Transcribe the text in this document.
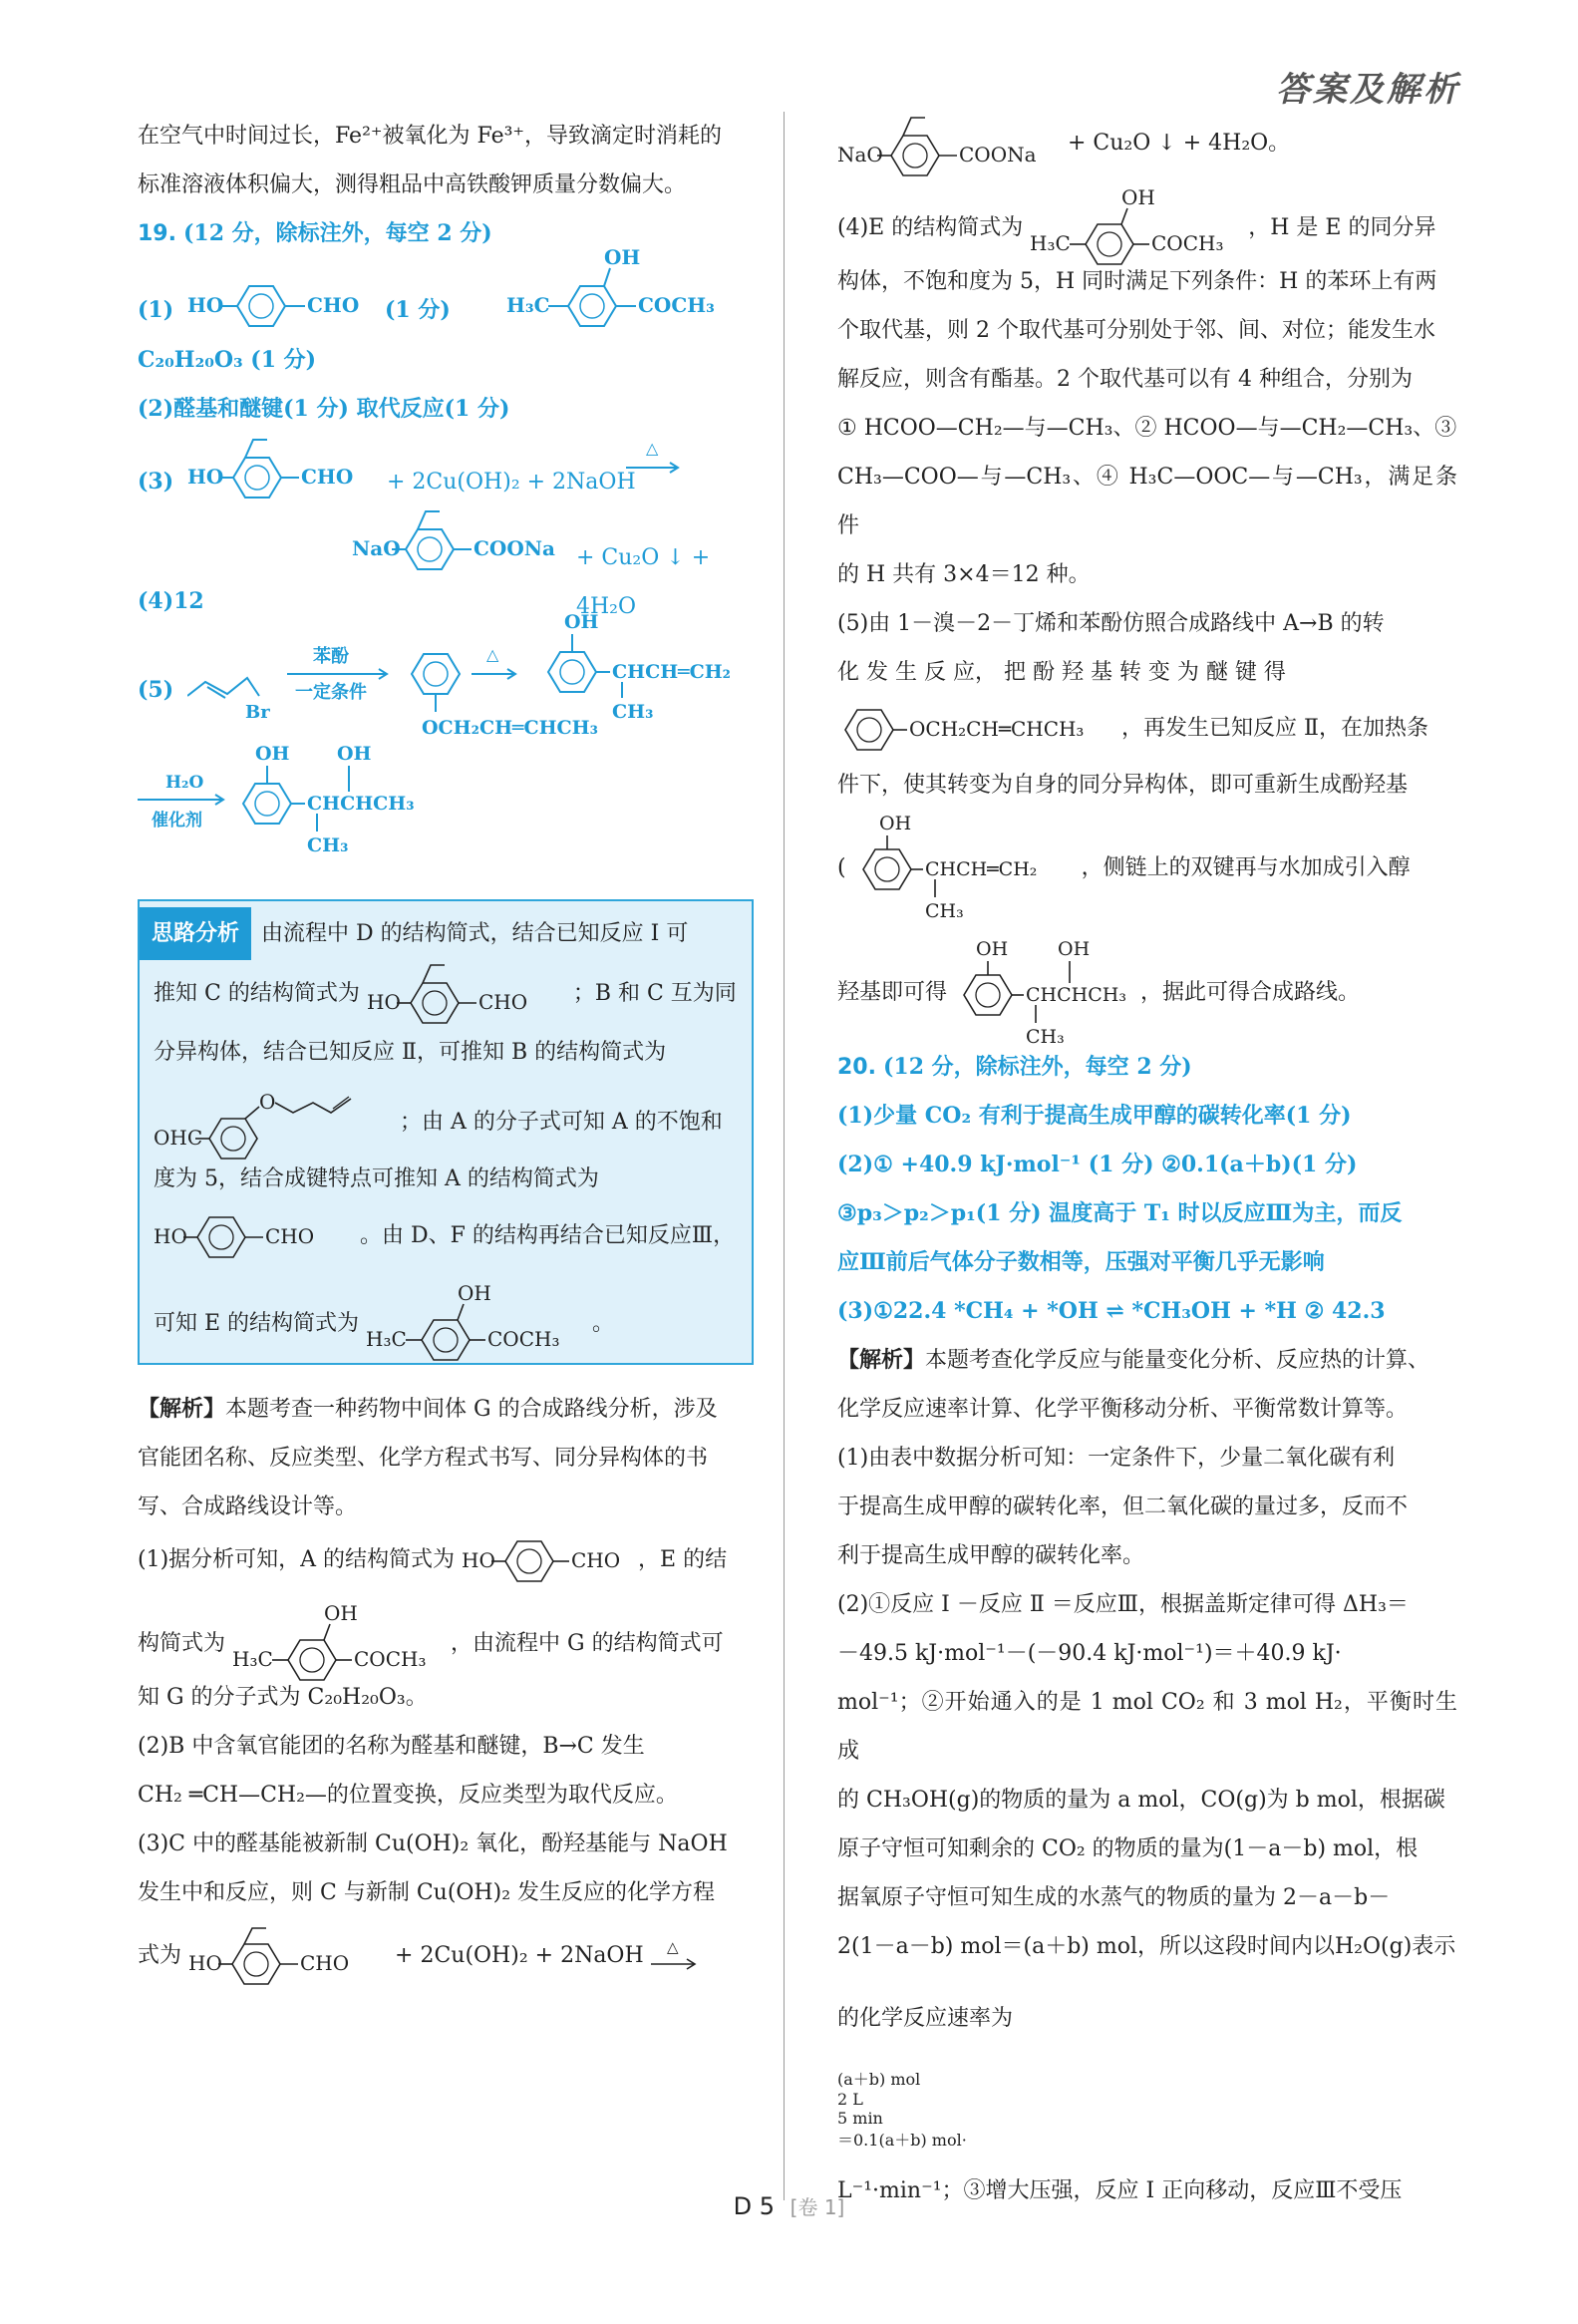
答案及解析

在空气中时间过长，Fe²⁺被氧化为 Fe³⁺，导致滴定时消耗的

标准溶液体积偏大，测得粗品中高铁酸钾质量分数偏大。

19. (12 分，除标注外，每空 2 分)

(1) HO	CHO (1 分)	H₃C
OH
COCH₃

C₂₀H₂₀O₃ (1 分)

(2)醛基和醚键(1 分) 取代反应(1 分)

(3) HO	CHO + 2Cu(OH)₂ + 2NaOH
△
NaO	COONa + Cu₂O ↓ + 4H₂O

(4)12

(5)
Br
苯酚
一定条件
OCH₂CH═CHCH₃
△
OH
CHCH═CH₂
CH₃
H₂O
催化剂
OH OH
CHCHCH₃
CH₃

思路分析 由流程中 D 的结构简式，结合已知反应 Ⅰ 可

推知 C 的结构简式为 HO	CHO ；B 和 C 互为同

分异构体，结合已知反应 Ⅱ，可推知 B 的结构简式为

OHC
O
；由 A 的分子式可知 A 的不饱和

度为 5，结合成键特点可推知 A 的结构简式为

HO	CHO 。由 D、F 的结构再结合已知反应Ⅲ，

可知 E 的结构简式为
H₃C
OH
COCH₃
。

【解析】本题考查一种药物中间体 G 的合成路线分析，涉及

官能团名称、反应类型、化学方程式书写、同分异构体的书

写、合成路线设计等。

(1)据分析可知，A 的结构简式为 HO	CHO ，E 的结

构简式为
H₃C
OH
COCH₃
，由流程中 G 的结构简式可

知 G 的分子式为 C₂₀H₂₀O₃。

(2)B 中含氧官能团的名称为醛基和醚键，B→C 发生

CH₂ ═CH—CH₂—的位置变换，反应类型为取代反应。

(3)C 中的醛基能被新制 Cu(OH)₂ 氧化，酚羟基能与 NaOH

发生中和反应，则 C 与新制 Cu(OH)₂ 发生反应的化学方程

式为 HO	CHO + 2Cu(OH)₂ + 2NaOH △

NaO	COONa + Cu₂O ↓ + 4H₂O。

(4)E 的结构简式为
H₃C
OH
COCH₃
，H 是 E 的同分异

构体，不饱和度为 5，H 同时满足下列条件：H 的苯环上有两

个取代基，则 2 个取代基可分别处于邻、间、对位；能发生水

解反应，则含有酯基。2 个取代基可以有 4 种组合，分别为

① HCOO—CH₂—与—CH₃、② HCOO—与—CH₂—CH₃、③

CH₃—COO—与—CH₃、④ H₃C—OOC—与—CH₃，满足条件

的 H 共有 3×4＝12 种。

(5)由 1－溴－2－丁烯和苯酚仿照合成路线中 A→B 的转

化 发 生 反 应， 把 酚 羟 基 转 变 为 醚 键 得

OCH₂CH═CHCH₃ ，再发生已知反应 Ⅱ，在加热条

件下，使其转变为自身的同分异构体，即可重新生成酚羟基

(
OH
CHCH═CH₂
CH₃
，侧链上的双键再与水加成引入醇

羟基即可得
OH	OH
CHCHCH₃
CH₃
，据此可得合成路线。

20. (12 分，除标注外，每空 2 分)

(1)少量 CO₂ 有利于提高生成甲醇的碳转化率(1 分)

(2)① +40.9 kJ·mol⁻¹ (1 分) ②0.1(a＋b)(1 分)

③p₃＞p₂＞p₁(1 分) 温度高于 T₁ 时以反应Ⅲ为主，而反

应Ⅲ前后气体分子数相等，压强对平衡几乎无影响

(3)①22.4 *CH₄ + *OH ⇌ *CH₃OH + *H ② 42.3

【解析】本题考查化学反应与能量变化分析、反应热的计算、

化学反应速率计算、化学平衡移动分析、平衡常数计算等。

(1)由表中数据分析可知：一定条件下，少量二氧化碳有利

于提高生成甲醇的碳转化率，但二氧化碳的量过多，反而不

利于提高生成甲醇的碳转化率。

(2)①反应 Ⅰ －反应 Ⅱ ＝反应Ⅲ，根据盖斯定律可得 ΔH₃＝

－49.5 kJ·mol⁻¹－(－90.4 kJ·mol⁻¹)＝＋40.9 kJ·

mol⁻¹；②开始通入的是 1 mol CO₂ 和 3 mol H₂，平衡时生成

的 CH₃OH(g)的物质的量为 a mol，CO(g)为 b mol，根据碳

原子守恒可知剩余的 CO₂ 的物质的量为(1－a－b) mol，根

据氧原子守恒可知生成的水蒸气的物质的量为 2－a－b－

2(1－a－b) mol＝(a＋b) mol，所以这段时间内以H₂O(g)表示

的化学反应速率为

(a＋b) mol
2 L
5 min
＝0.1(a＋b) mol·

L⁻¹·min⁻¹；③增大压强，反应 Ⅰ 正向移动，反应Ⅲ不受压

D 5 [卷 1]
